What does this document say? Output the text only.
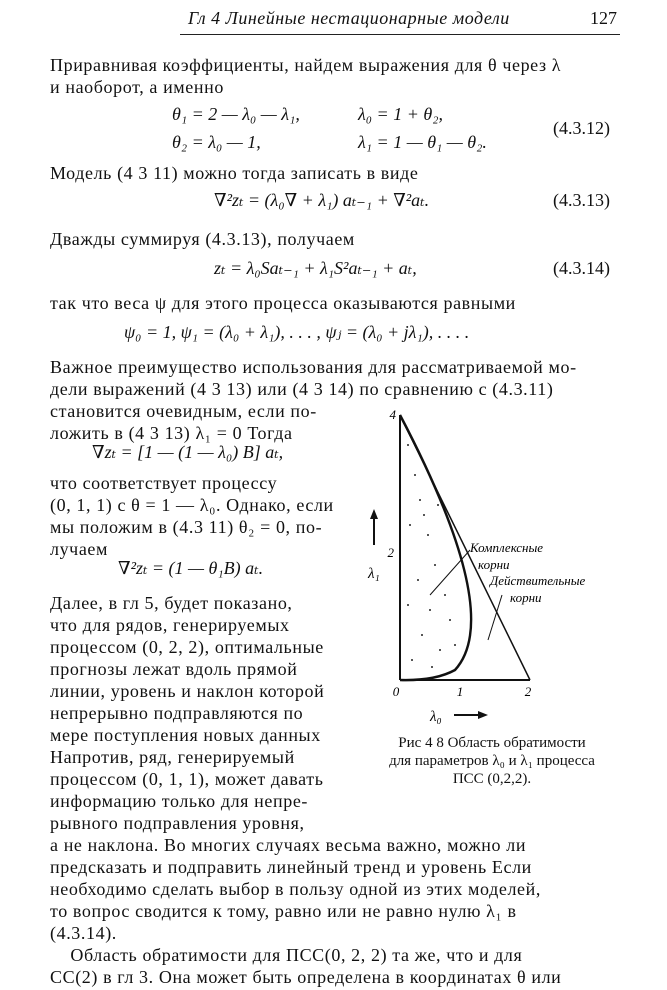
Гл 4 Линейные нестационарные модели	127
Приравнивая коэффициенты, найдем выражения для θ через λ
и наоборот, а именно
θ₁ = 2 — λ₀ — λ₁,	λ₀ = 1 + θ₂,
θ₂ = λ₀ — 1,	λ₁ = 1 — θ₁ — θ₂.
(4.3.12)
Модель (4 3 11) можно тогда записать в виде
∇²zₜ = (λ₀∇ + λ₁) aₜ₋₁ + ∇²aₜ.	(4.3.13)
Дважды суммируя (4.3.13), получаем
zₜ = λ₀Saₜ₋₁ + λ₁S²aₜ₋₁ + aₜ,	(4.3.14)
так что веса ψ для этого процесса оказываются равными
ψ₀ = 1, ψ₁ = (λ₀ + λ₁), . . . , ψⱼ = (λ₀ + jλ₁), . . . .
Важное преимущество использования для рассматриваемой мо-
дели выражений (4 3 13) или (4 3 14) по сравнению с (4.3.11)
становится очевидным, если по-
ложить в (4 3 13) λ₁ = 0 Тогда
∇zₜ = [1 — (1 — λ₀) B] aₜ,
что соответствует процессу
(0, 1, 1) с θ = 1 — λ₀. Однако, если
мы положим в (4.3 11) θ₂ = 0, по-
лучаем
∇²zₜ = (1 — θ₁B) aₜ.
Далее, в гл 5, будет показано,
что для рядов, генерируемых
процессом (0, 2, 2), оптимальные
прогнозы лежат вдоль прямой
линии, уровень и наклон которой
непрерывно подправляются по
мере поступления новых данных
Напротив, ряд, генерируемый
процессом (0, 1, 1), может давать
информацию только для непре-
рывного подправления уровня,
4
2
0	1	2
λ₁
λ₀
Комплексные
корни
Действительные
корни
Рис 4 8 Область обратимости
для параметров λ₀ и λ₁ процесса
ПСС (0,2,2).
а не наклона. Во многих случаях весьма важно, можно ли
предсказать и подправить линейный тренд и уровень Если
необходимо сделать выбор в пользу одной из этих моделей,
то вопрос сводится к тому, равно или не равно нулю λ₁ в
(4.3.14).
Область обратимости для ПСС(0, 2, 2) та же, что и для
СС(2) в гл 3. Она может быть определена в координатах θ или
